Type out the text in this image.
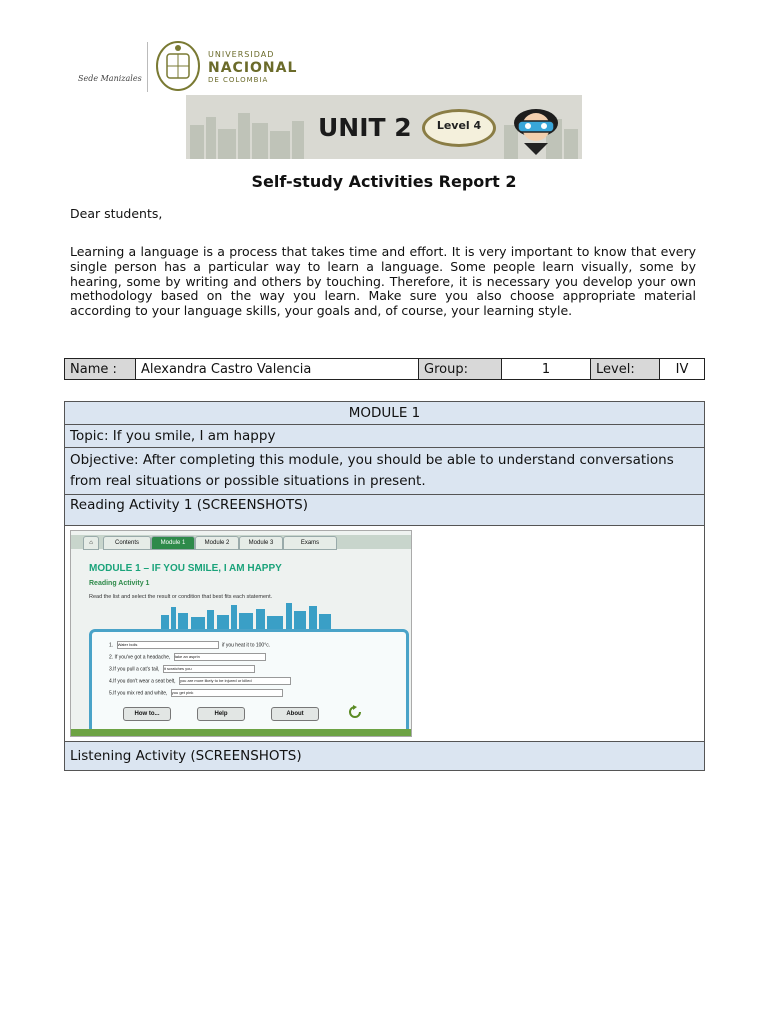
Sede Manizales
UNIVERSIDAD
NACIONAL
DE COLOMBIA
UNIT 2	Level 4
Self-study Activities Report 2
Dear students,
Learning a language is a process that takes time and effort. It is very important to know that every single person has a particular way to learn a language. Some people learn visually, some by hearing, some by writing and others by touching. Therefore, it is necessary you develop your own methodology based on the way you learn. Make sure you also choose appropriate material according to your language skills, your goals and, of course, your learning style.
Name :	Alexandra Castro Valencia	Group:	1	Level:	IV
MODULE 1
Topic: If you smile, I am happy
Objective: After completing this module, you should be able to understand conversations from real situations or possible situations in present.
Reading Activity 1 (SCREENSHOTS)

⌂	Contents	Module 1	Module 2	Module 3	Exams
MODULE 1 – IF YOU SMILE, I AM HAPPY
Reading Activity 1
Read the list and select the result or condition that best fits each statement.
1. Water boils	if you heat it to 100°c.
2. If you've got a headache, take an asprin
3.If you pull a cat's tail, it scratches you
4.If you don't wear a seat belt, you are more likely to be injured or killed
5.If you mix red and white, you get pink
How to...	Help	About

Listening Activity (SCREENSHOTS)
